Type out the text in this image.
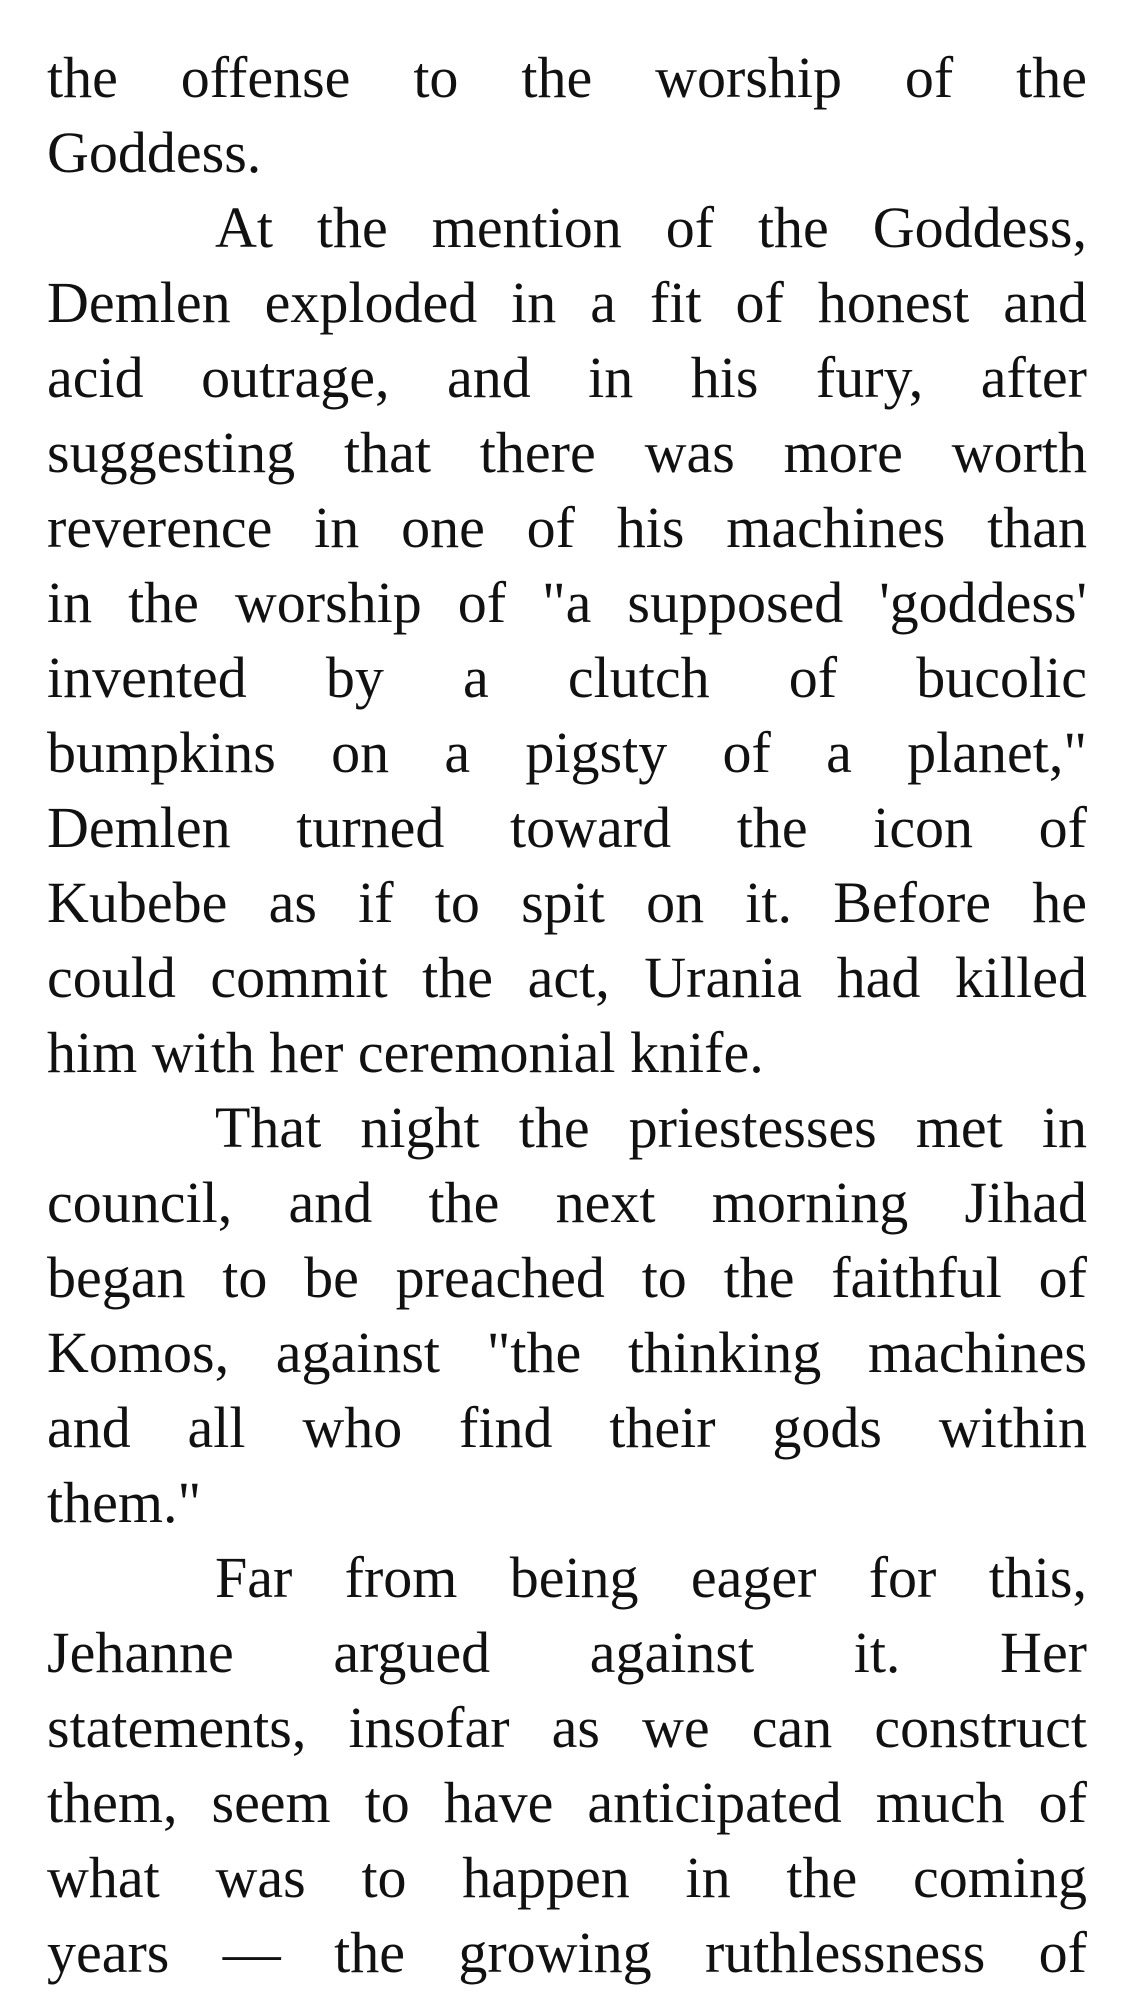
the offense to the worship of the
Goddess.
At the mention of the Goddess,
Demlen exploded in a fit of honest and
acid outrage, and in his fury, after
suggesting that there was more worth
reverence in one of his machines than
in the worship of "a supposed 'goddess'
invented by a clutch of bucolic
bumpkins on a pigsty of a planet,"
Demlen turned toward the icon of
Kubebe as if to spit on it. Before he
could commit the act, Urania had killed
him with her ceremonial knife.
That night the priestesses met in
council, and the next morning Jihad
began to be preached to the faithful of
Komos, against "the thinking machines
and all who find their gods within
them."
Far from being eager for this,
Jehanne argued against it. Her
statements, insofar as we can construct
them, seem to have anticipated much of
what was to happen in the coming
years — the growing ruthlessness of
